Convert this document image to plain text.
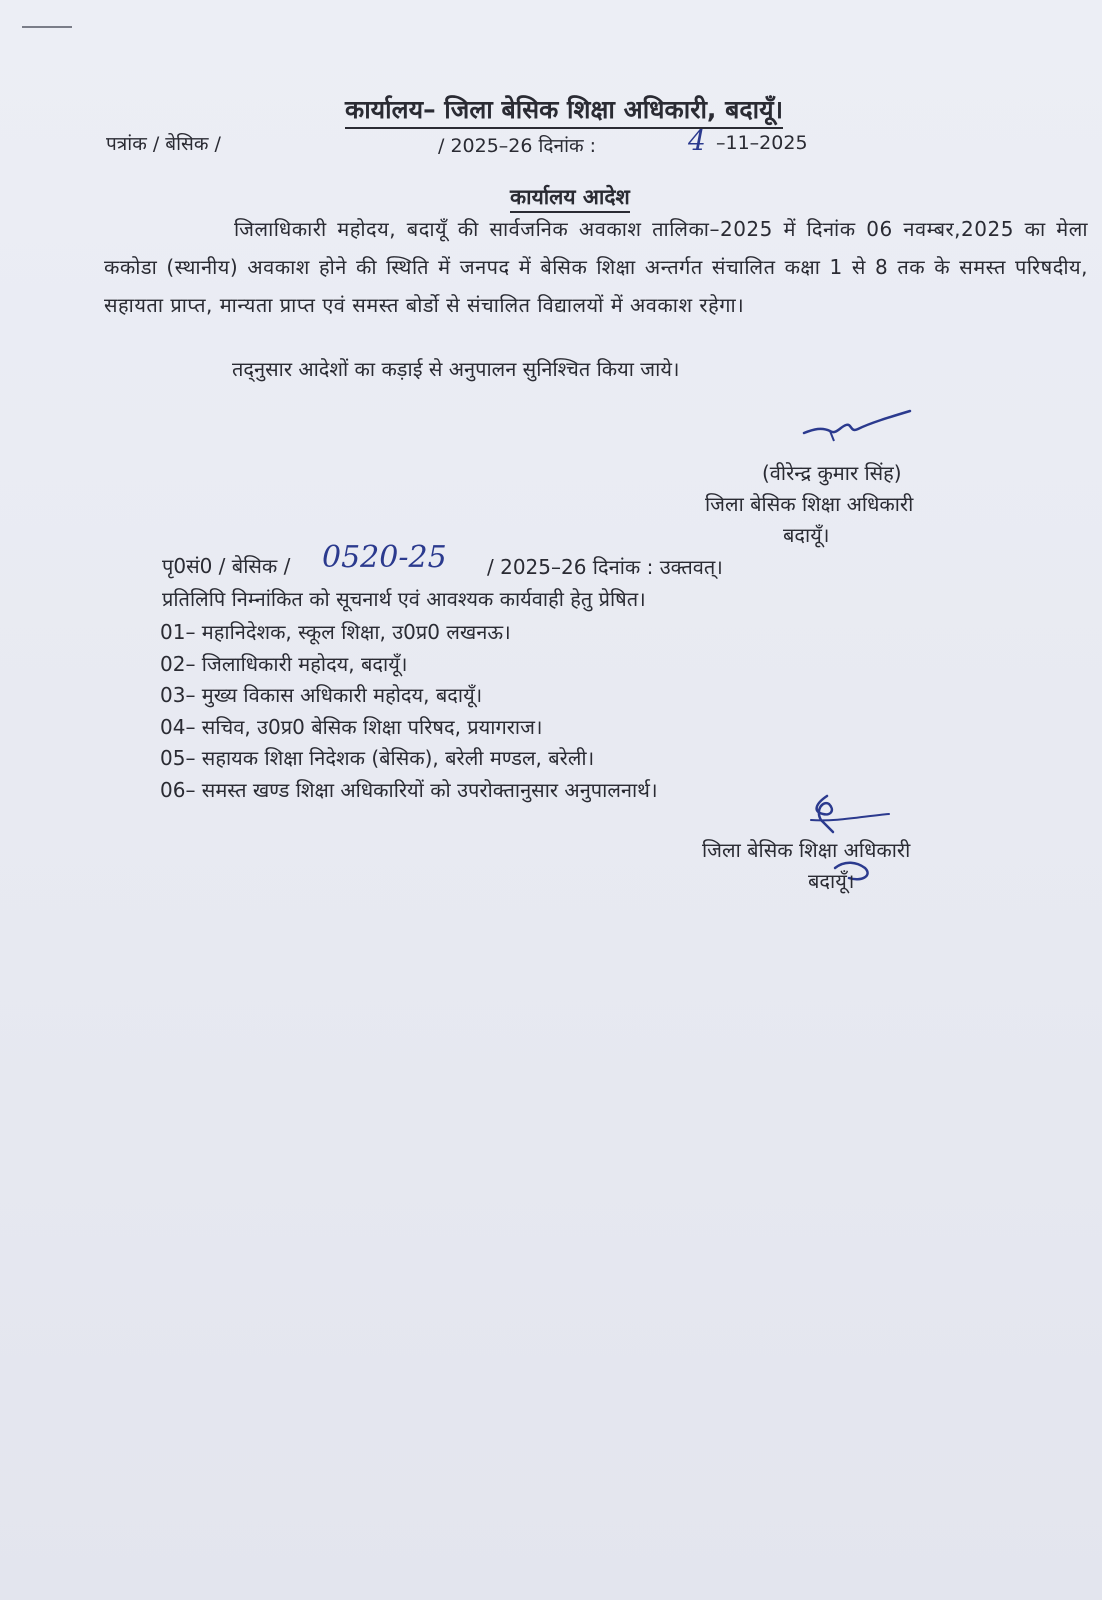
कार्यालय– जिला बेसिक शिक्षा अधिकारी, बदायूँ।
पत्रांक / बेसिक /	/ 2025–26 दिनांक :	4 –11–2025
कार्यालय आदेश
जिलाधिकारी महोदय, बदायूँ की सार्वजनिक अवकाश तालिका–2025 में दिनांक 06 नवम्बर,2025 का मेला ककोडा (स्थानीय) अवकाश होने की स्थिति में जनपद में बेसिक शिक्षा अन्तर्गत संचालित कक्षा 1 से 8 तक के समस्त परिषदीय, सहायता प्राप्त, मान्यता प्राप्त एवं समस्त बोर्डो से संचालित विद्यालयों में अवकाश रहेगा।
तद्नुसार आदेशों का कड़ाई से अनुपालन सुनिश्चित किया जाये।
(वीरेन्द्र कुमार सिंह)
जिला बेसिक शिक्षा अधिकारी
बदायूँ।
पृ0सं0 / बेसिक / 0520-25 / 2025–26 दिनांक : उक्तवत्।
प्रतिलिपि निम्नांकित को सूचनार्थ एवं आवश्यक कार्यवाही हेतु प्रेषित।
01– महानिदेशक, स्कूल शिक्षा, उ0प्र0 लखनऊ।
02– जिलाधिकारी महोदय, बदायूँ।
03– मुख्य विकास अधिकारी महोदय, बदायूँ।
04– सचिव, उ0प्र0 बेसिक शिक्षा परिषद, प्रयागराज।
05– सहायक शिक्षा निदेशक (बेसिक), बरेली मण्डल, बरेली।
06– समस्त खण्ड शिक्षा अधिकारियों को उपरोक्तानुसार अनुपालनार्थ।
जिला बेसिक शिक्षा अधिकारी
बदायूँ।
